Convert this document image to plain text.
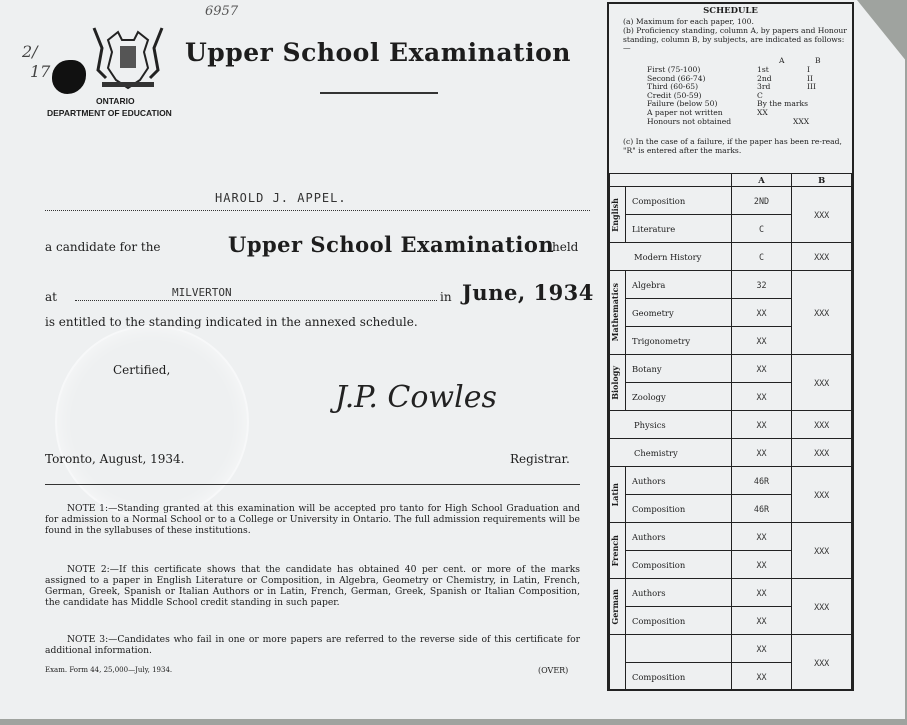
6957
2/
17
ONTARIO
DEPARTMENT OF EDUCATION
Upper School Examination
HAROLD J. APPEL.
a candidate for the	Upper School Examination
held
at	MILVERTON	in June, 1934
is entitled to the standing indicated in the annexed schedule.
Certified,
J.P. Cowles
Toronto, August, 1934.	Registrar.
NOTE 1:—Standing granted at this examination will be accepted pro tanto for High School Graduation and for admission to a Normal School or to a College or University in Ontario. The full admission requirements will be found in the syllabuses of these institutions.
NOTE 2:—If this certificate shows that the candidate has obtained 40 per cent. or more of the marks assigned to a paper in English Literature or Composition, in Algebra, Geometry or Chemistry, in Latin, French, German, Greek, Spanish or Italian Authors or in Latin, French, German, Greek, Spanish or Italian Composition, the candidate has Middle School credit standing in such paper.
NOTE 3:—Candidates who fail in one or more papers are referred to the reverse side of this certificate for additional information.
Exam. Form 44, 25,000—July, 1934.	(OVER)
SCHEDULE
(a) Maximum for each paper, 100.
(b) Proficiency standing, column A, by papers and Honour standing, column B, by subjects, are indicated as follows:—
A	B
First (75-100)	1st	I
Second (66-74)	2nd	II
Third (60-65)	3rd	III
Credit (50-59)	C
Failure (below 50)	By the marks
A paper not written	XX
Honours not obtained	XXX
(c) In the case of a failure, if the paper has been re-read, "R" is entered after the marks.
		A	B

English	Composition	2ND	XXX
	Literature	C	
Modern History		C	XXX

Mathematics	Algebra	32	XXX
	Geometry	XX	
	Trigonometry	XX	

Biology	Botany	XX	XXX
	Zoology	XX	
Physics		XX	XXX
Chemistry		XX	XXX

Latin	Authors	46R	XXX
	Composition	46R	

French	Authors	XX	XXX
	Composition	XX	

German	Authors	XX	XXX
	Composition	XX	
		XX	XXX
	Composition	XX	
